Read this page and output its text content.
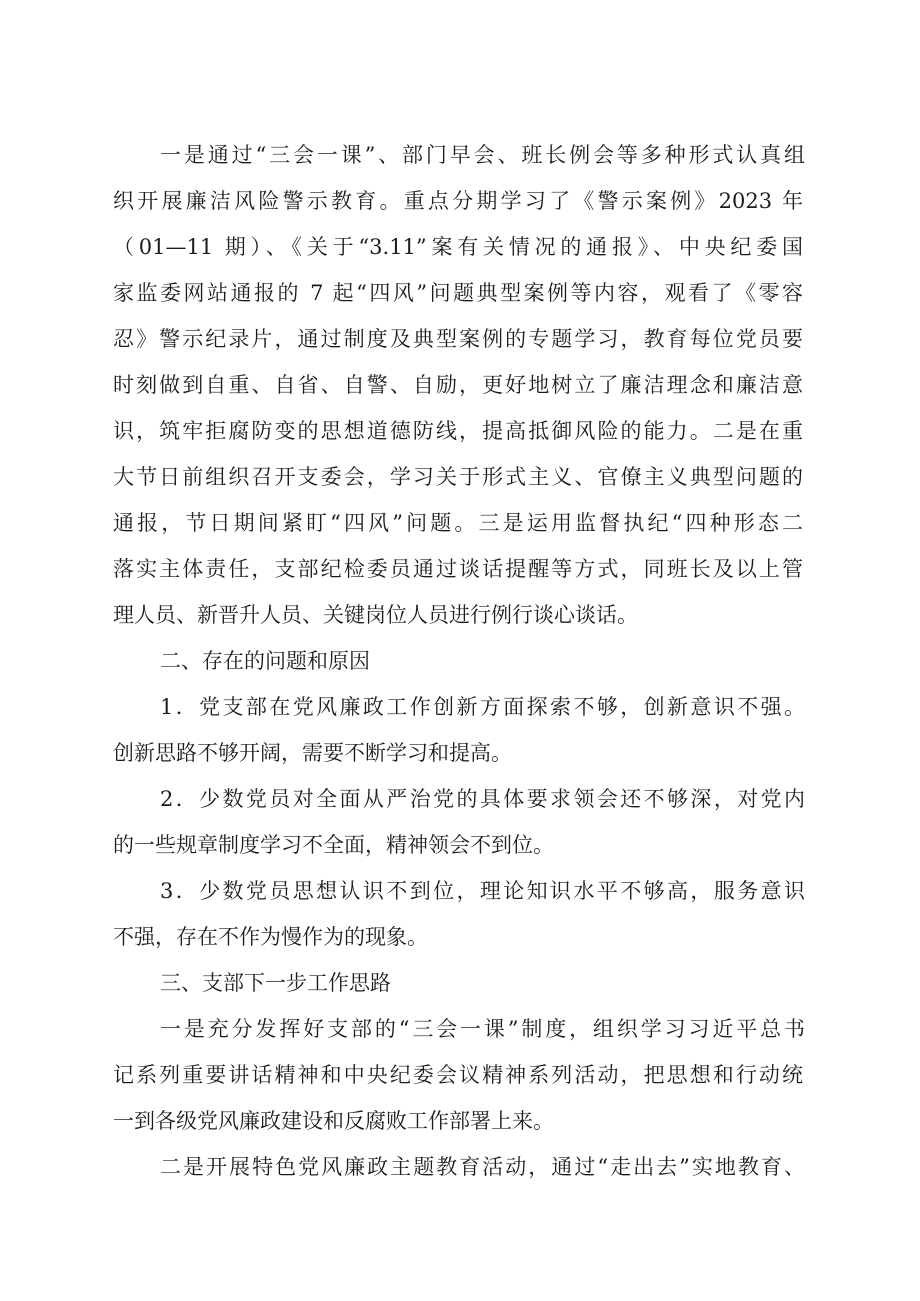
一是通过“三会一课”、部门早会、班长例会等多种形式认真组
织开展廉洁风险警示教育。重点分期学习了《警示案例》2023 年
（01—11 期）、《关于“3.11”案有关情况的通报》、中央纪委国
家监委网站通报的 7 起“四风”问题典型案例等内容，观看了《零容
忍》警示纪录片，通过制度及典型案例的专题学习，教育每位党员要
时刻做到自重、自省、自警、自励，更好地树立了廉洁理念和廉洁意
识，筑牢拒腐防变的思想道德防线，提高抵御风险的能力。二是在重
大节日前组织召开支委会，学习关于形式主义、官僚主义典型问题的
通报，节日期间紧盯“四风”问题。三是运用监督执纪“四种形态二
落实主体责任，支部纪检委员通过谈话提醒等方式，同班长及以上管
理人员、新晋升人员、关键岗位人员进行例行谈心谈话。
二、存在的问题和原因
1．党支部在党风廉政工作创新方面探索不够，创新意识不强。
创新思路不够开阔，需要不断学习和提高。
2．少数党员对全面从严治党的具体要求领会还不够深，对党内
的一些规章制度学习不全面，精神领会不到位。
3．少数党员思想认识不到位，理论知识水平不够高，服务意识
不强，存在不作为慢作为的现象。
三、支部下一步工作思路
一是充分发挥好支部的“三会一课”制度，组织学习习近平总书
记系列重要讲话精神和中央纪委会议精神系列活动，把思想和行动统
一到各级党风廉政建设和反腐败工作部署上来。
二是开展特色党风廉政主题教育活动，通过“走出去”实地教育、
